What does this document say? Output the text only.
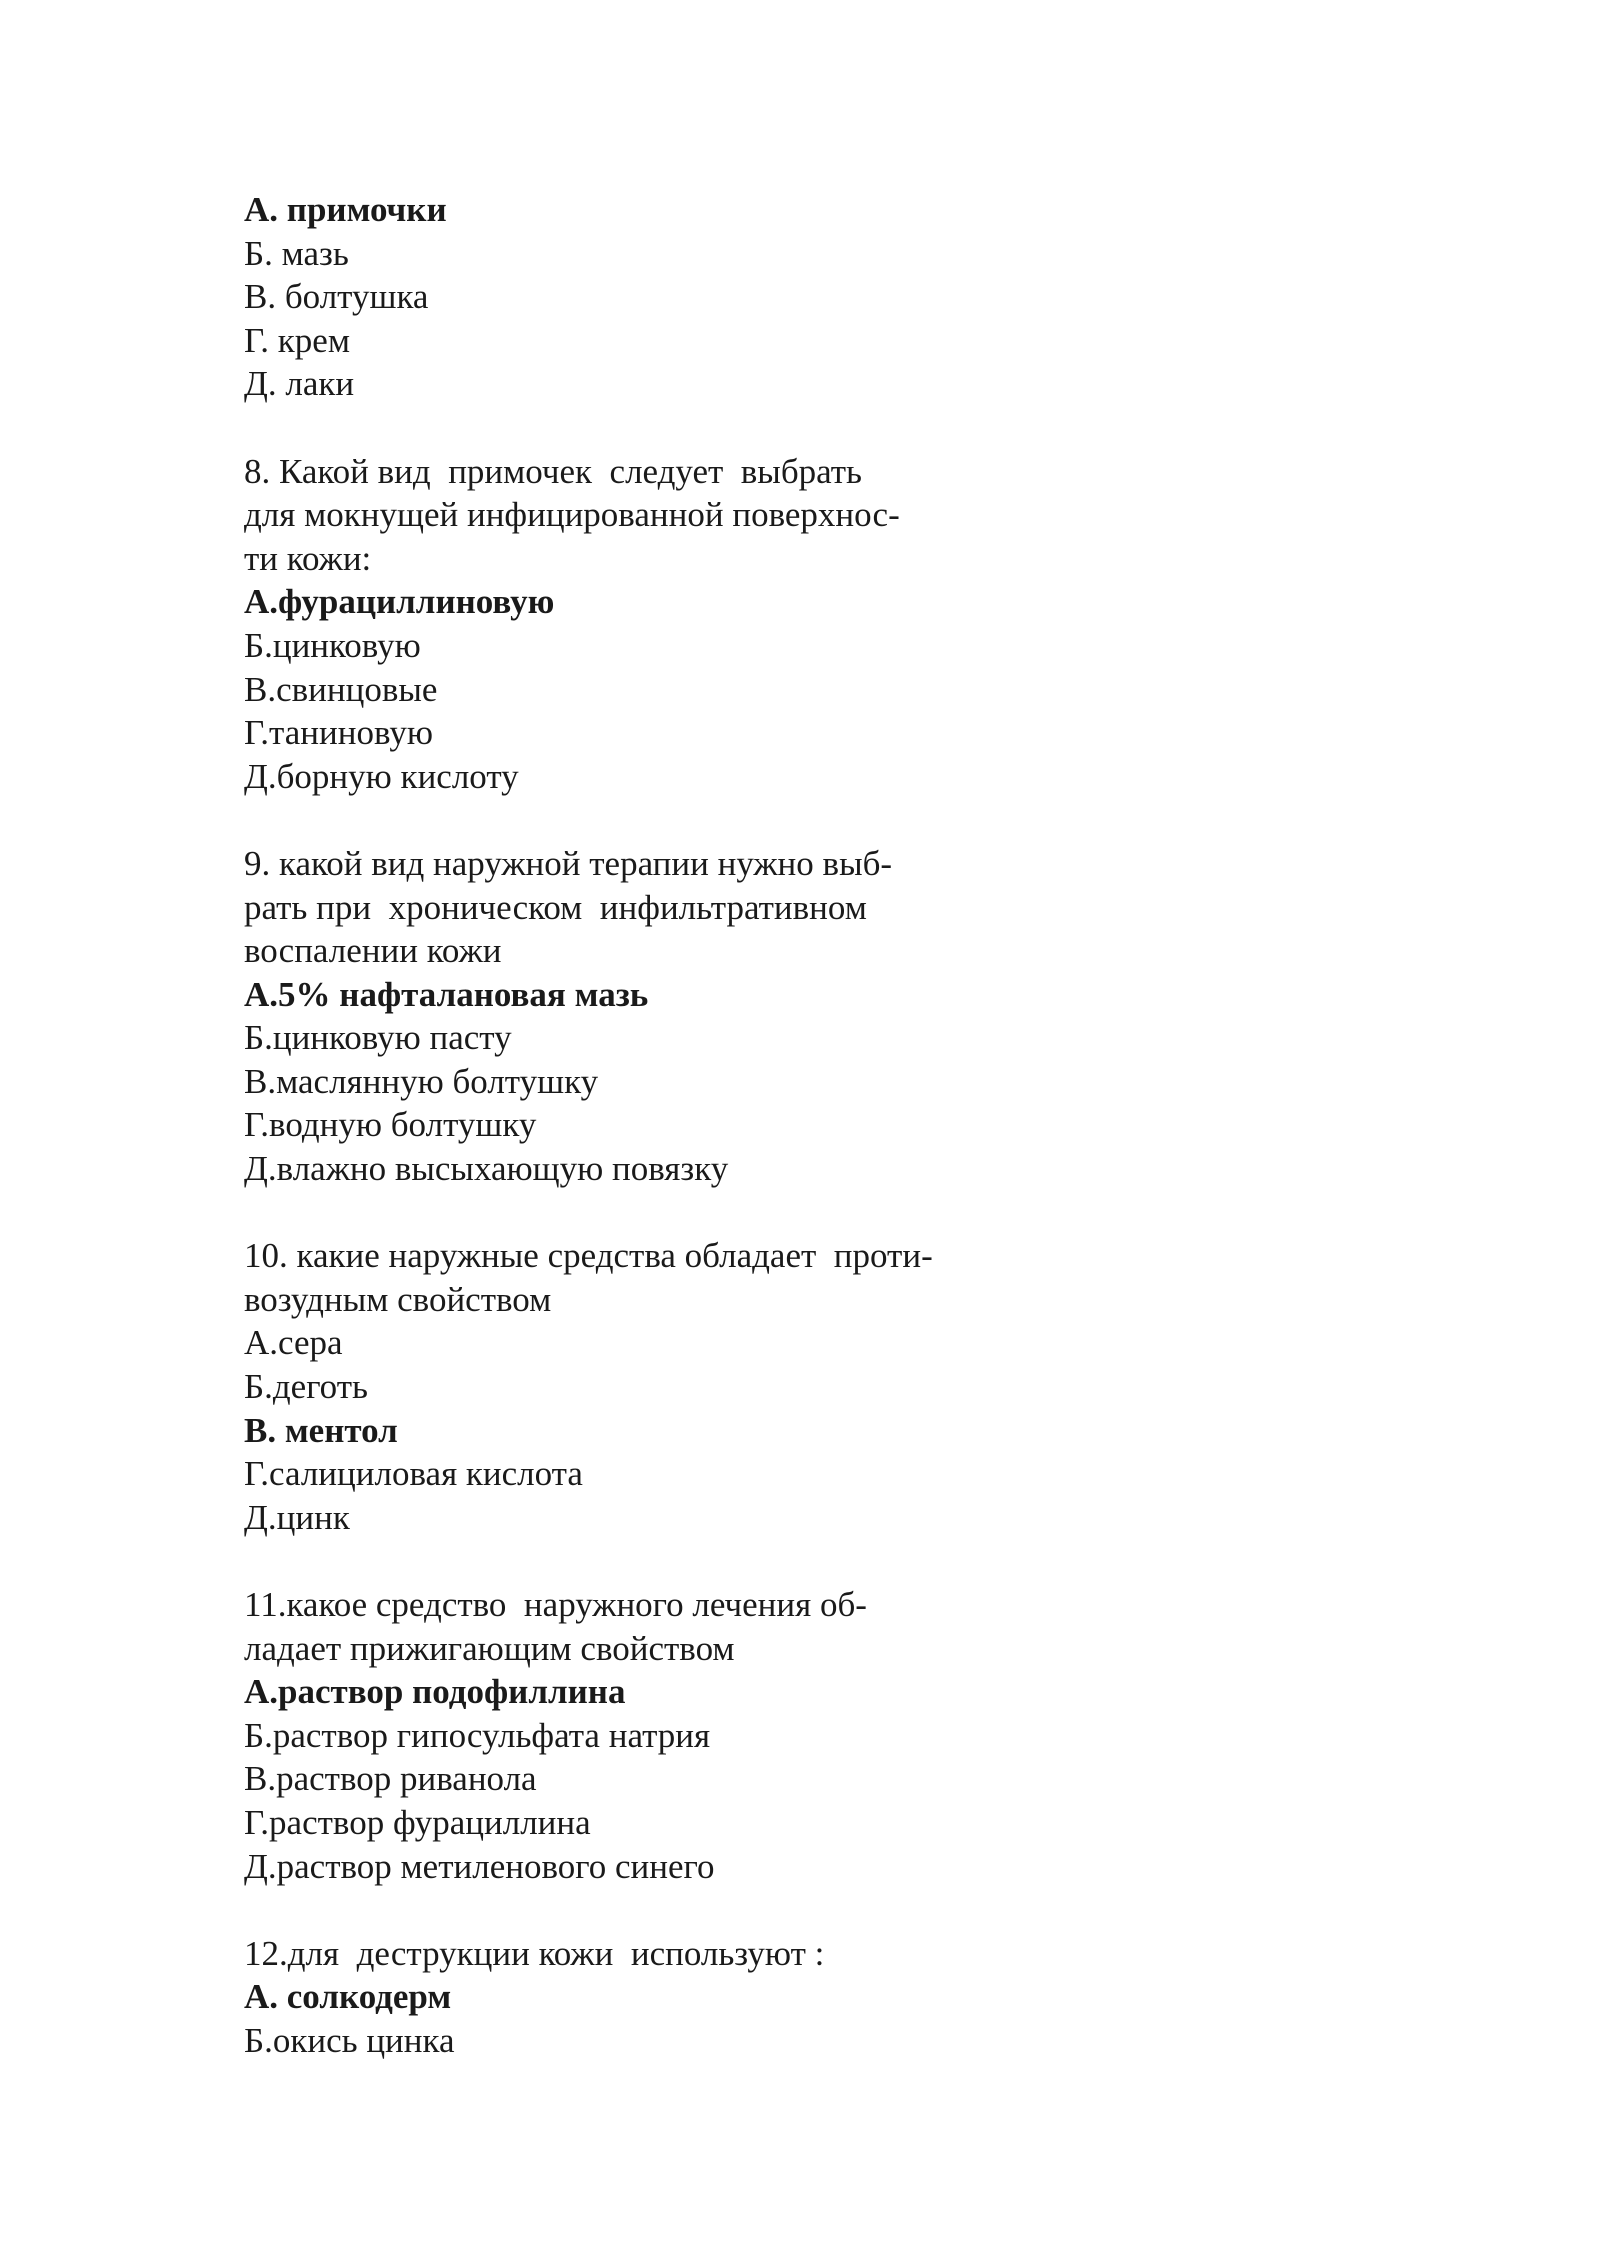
А. примочки

Б. мазь

В. болтушка

Г. крем

Д. лаки

8. Какой вид  примочек  следует  выбрать

для мокнущей инфицированной поверхнос-

ти кожи:

А.фурациллиновую

Б.цинковую

В.свинцовые

Г.таниновую

Д.борную кислоту

9. какой вид наружной терапии нужно выб-

рать при  хроническом  инфильтративном

воспалении кожи

А.5% нафталановая мазь

Б.цинковую пасту

В.маслянную болтушку

Г.водную болтушку

Д.влажно высыхающую повязку

10. какие наружные средства обладает  проти-

возудным свойством

А.сера

Б.деготь

В. ментол

Г.салициловая кислота

Д.цинк

11.какое средство  наружного лечения об-

ладает прижигающим свойством

А.раствор подофиллина

Б.раствор гипосульфата натрия

В.раствор риванола

Г.раствор фурациллина

Д.раствор метиленового синего

12.для  деструкции кожи  используют :

А. солкодерм

Б.окись цинка
